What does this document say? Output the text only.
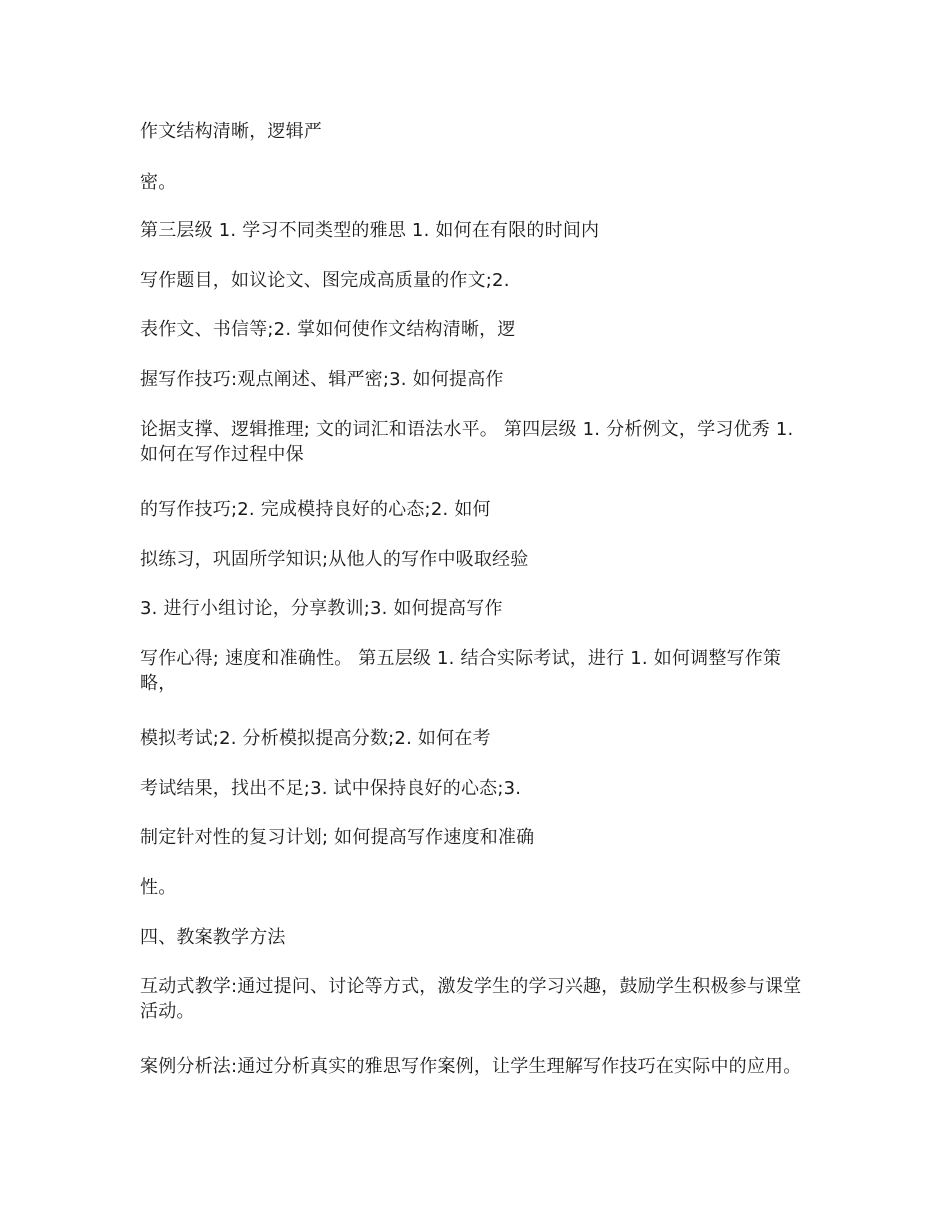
作文结构清晰，逻辑严

密。

第三层级 1. 学习不同类型的雅思 1. 如何在有限的时间内

写作题目，如议论文、图完成高质量的作文;2.

表作文、书信等;2. 掌如何使作文结构清晰，逻

握写作技巧:观点阐述、辑严密;3. 如何提高作

论据支撑、逻辑推理; 文的词汇和语法水平。 第四层级 1. 分析例文，学习优秀 1. 如何在写作过程中保

的写作技巧;2. 完成模持良好的心态;2. 如何

拟练习，巩固所学知识;从他人的写作中吸取经验

3. 进行小组讨论，分享教训;3. 如何提高写作

写作心得; 速度和准确性。 第五层级 1. 结合实际考试，进行 1. 如何调整写作策略，

模拟考试;2. 分析模拟提高分数;2. 如何在考

考试结果，找出不足;3. 试中保持良好的心态;3.

制定针对性的复习计划; 如何提高写作速度和准确

性。

四、教案教学方法

互动式教学:通过提问、讨论等方式，激发学生的学习兴趣，鼓励学生积极参与课堂活动。

案例分析法:通过分析真实的雅思写作案例，让学生理解写作技巧在实际中的应用。
